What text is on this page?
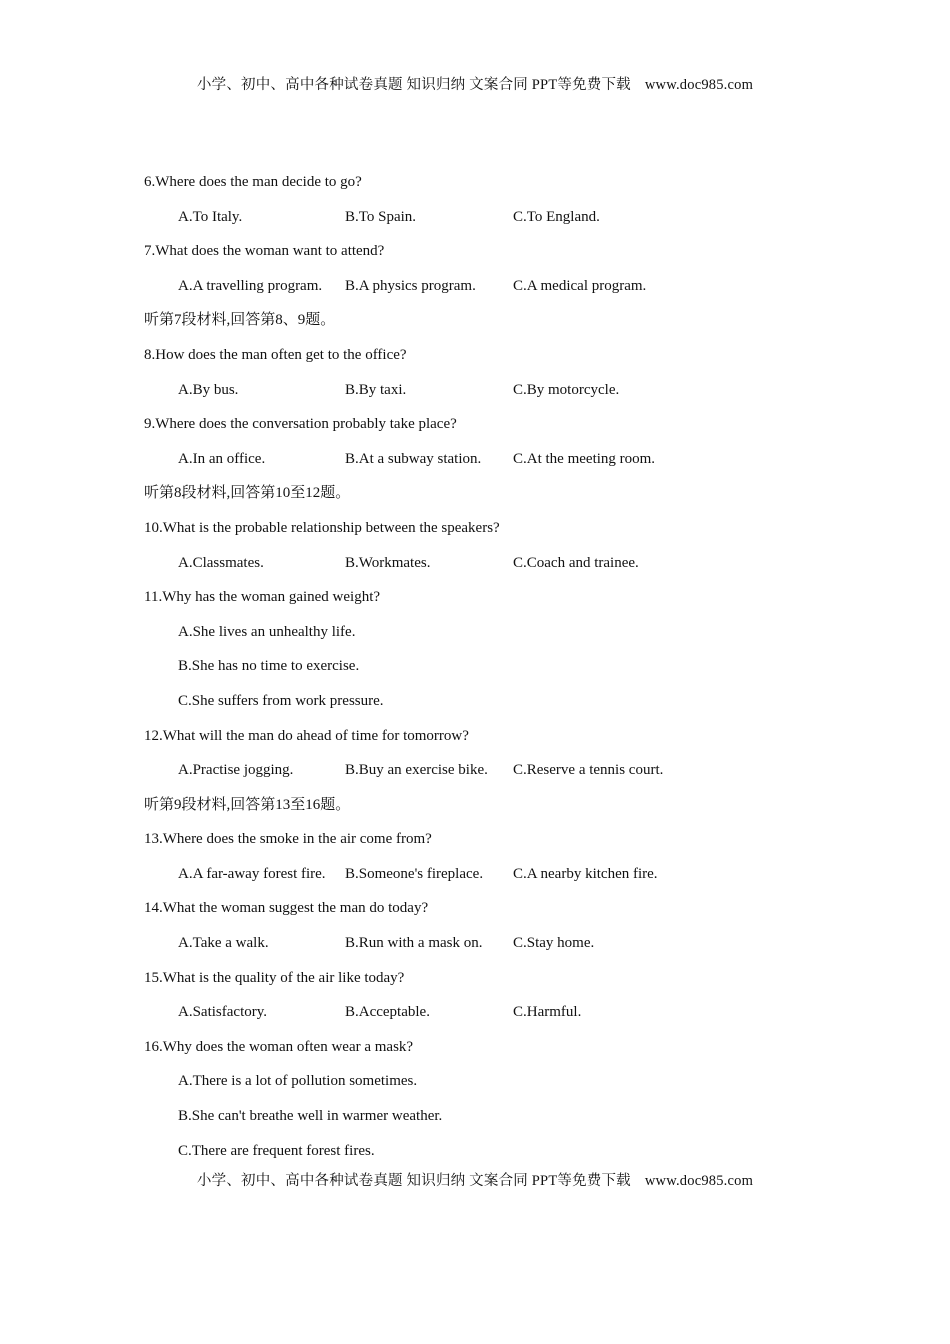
小学、初中、高中各种试卷真题 知识归纳 文案合同 PPT等免费下载 www.doc985.com
6.Where does the man decide to go?
A.To Italy.	B.To Spain.	C.To England.
7.What does the woman want to attend?
A.A travelling program.	B.A physics program.	C.A medical program.
听第7段材料,回答第8、9题。
8.How does the man often get to the office?
A.By bus.	B.By taxi.	C.By motorcycle.
9.Where does the conversation probably take place?
A.In an office.	B.At a subway station.	C.At the meeting room.
听第8段材料,回答第10至12题。
10.What is the probable relationship between the speakers?
A.Classmates.	B.Workmates.	C.Coach and trainee.
11.Why has the woman gained weight?
A.She lives an unhealthy life.
B.She has no time to exercise.
C.She suffers from work pressure.
12.What will the man do ahead of time for tomorrow?
A.Practise jogging.	B.Buy an exercise bike.	C.Reserve a tennis court.
听第9段材料,回答第13至16题。
13.Where does the smoke in the air come from?
A.A far-away forest fire.	B.Someone's fireplace.	C.A nearby kitchen fire.
14.What the woman suggest the man do today?
A.Take a walk.	B.Run with a mask on.	C.Stay home.
15.What is the quality of the air like today?
A.Satisfactory.	B.Acceptable.	C.Harmful.
16.Why does the woman often wear a mask?
A.There is a lot of pollution sometimes.
B.She can't breathe well in warmer weather.
C.There are frequent forest fires.
小学、初中、高中各种试卷真题 知识归纳 文案合同 PPT等免费下载 www.doc985.com
